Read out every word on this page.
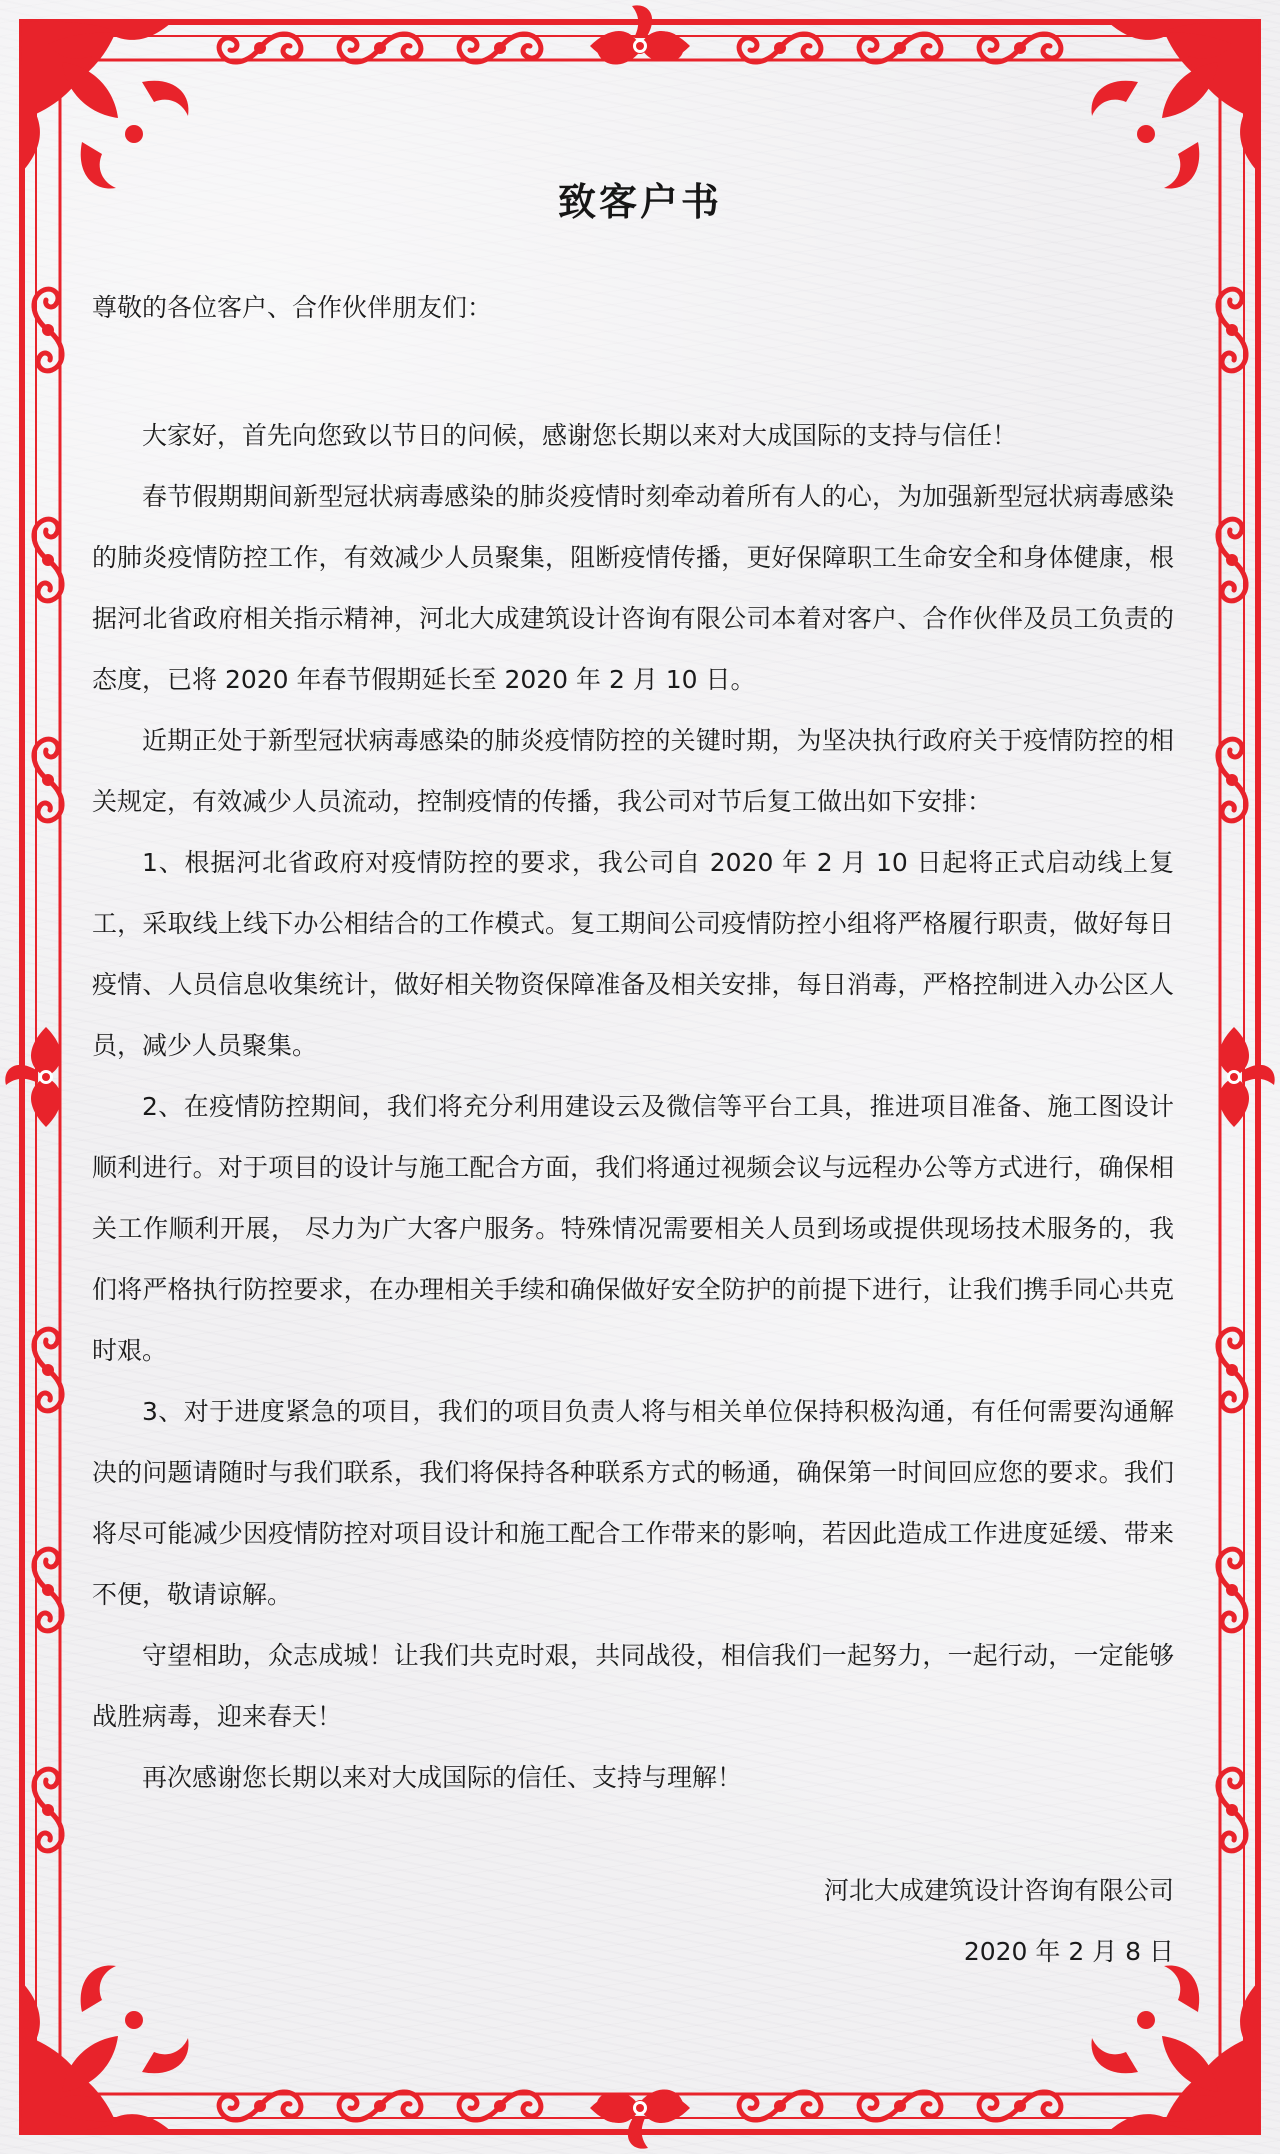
致客户书
尊敬的各位客户、合作伙伴朋友们：

大家好，首先向您致以节日的问候，感谢您长期以来对大成国际的支持与信任！

春节假期期间新型冠状病毒感染的肺炎疫情时刻牵动着所有人的心，为加强新型冠状病毒感染的肺炎疫情防控工作，有效减少人员聚集，阻断疫情传播，更好保障职工生命安全和身体健康，根据河北省政府相关指示精神，河北大成建筑设计咨询有限公司本着对客户、合作伙伴及员工负责的态度，已将 2020 年春节假期延长至 2020 年 2 月 10 日。

近期正处于新型冠状病毒感染的肺炎疫情防控的关键时期，为坚决执行政府关于疫情防控的相关规定，有效减少人员流动，控制疫情的传播，我公司对节后复工做出如下安排：

1、根据河北省政府对疫情防控的要求，我公司自 2020 年 2 月 10 日起将正式启动线上复工，采取线上线下办公相结合的工作模式。复工期间公司疫情防控小组将严格履行职责，做好每日疫情、人员信息收集统计，做好相关物资保障准备及相关安排，每日消毒，严格控制进入办公区人员，减少人员聚集。

2、在疫情防控期间，我们将充分利用建设云及微信等平台工具，推进项目准备、施工图设计顺利进行。对于项目的设计与施工配合方面，我们将通过视频会议与远程办公等方式进行，确保相关工作顺利开展， 尽力为广大客户服务。特殊情况需要相关人员到场或提供现场技术服务的，我们将严格执行防控要求，在办理相关手续和确保做好安全防护的前提下进行，让我们携手同心共克时艰。

3、对于进度紧急的项目，我们的项目负责人将与相关单位保持积极沟通，有任何需要沟通解决的问题请随时与我们联系，我们将保持各种联系方式的畅通，确保第一时间回应您的要求。我们将尽可能减少因疫情防控对项目设计和施工配合工作带来的影响，若因此造成工作进度延缓、带来不便，敬请谅解。

守望相助，众志成城！让我们共克时艰，共同战役，相信我们一起努力，一起行动，一定能够战胜病毒，迎来春天！

再次感谢您长期以来对大成国际的信任、支持与理解！

河北大成建筑设计咨询有限公司
2020 年 2 月 8 日
